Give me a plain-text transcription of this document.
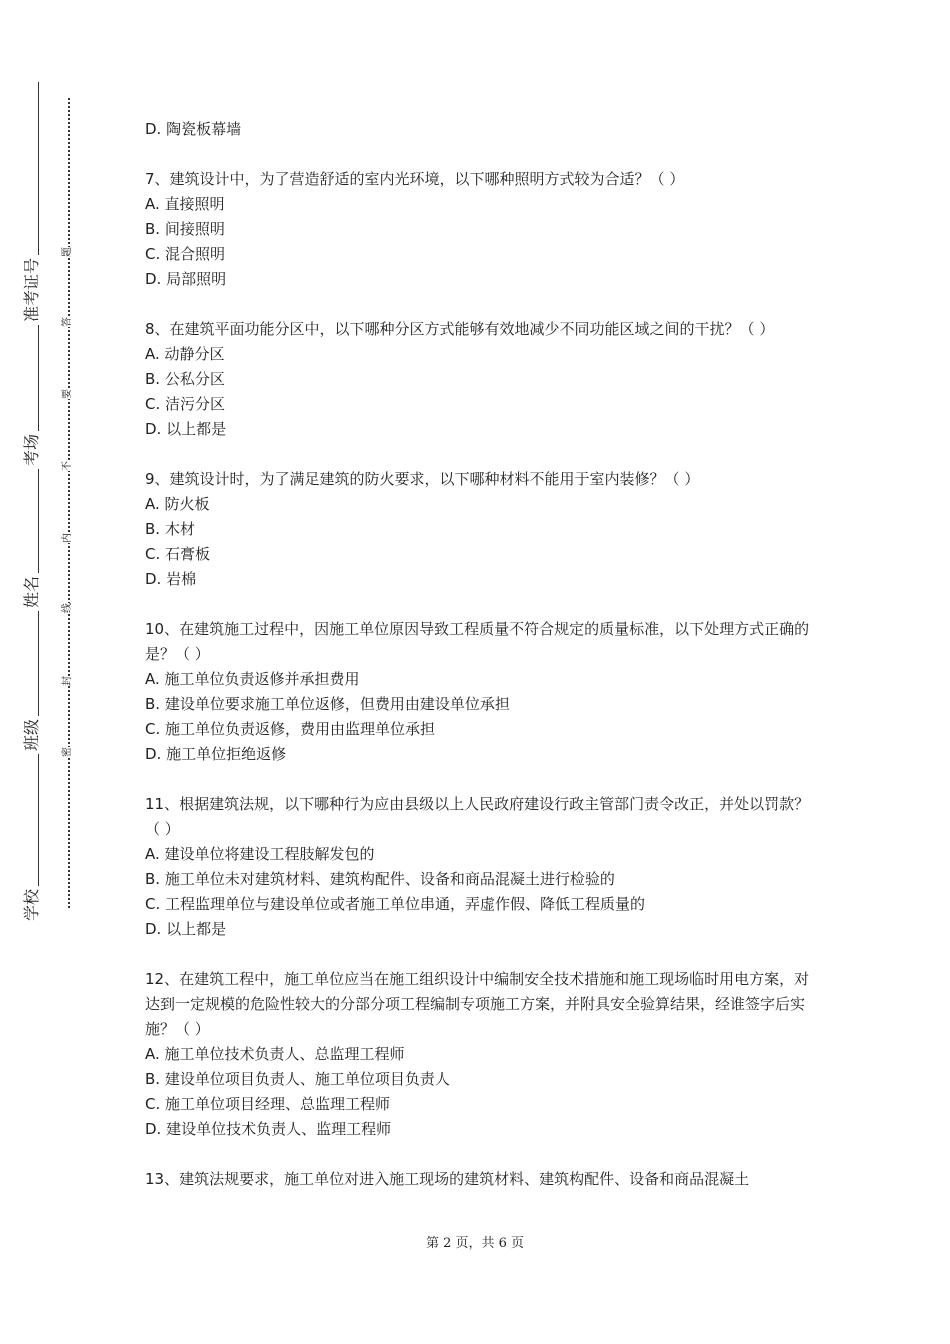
准考证号
考场
姓名
班级
学校
题
答
要
不
内
线
封
密

D. 陶瓷板幕墙

7、建筑设计中，为了营造舒适的室内光环境，以下哪种照明方式较为合适？（ ）

A. 直接照明

B. 间接照明

C. 混合照明

D. 局部照明

8、在建筑平面功能分区中，以下哪种分区方式能够有效地减少不同功能区域之间的干扰？（ ）

A. 动静分区

B. 公私分区

C. 洁污分区

D. 以上都是

9、建筑设计时，为了满足建筑的防火要求，以下哪种材料不能用于室内装修？（ ）

A. 防火板

B. 木材

C. 石膏板

D. 岩棉

10、在建筑施工过程中，因施工单位原因导致工程质量不符合规定的质量标准，以下处理方式正确的是？（ ）

A. 施工单位负责返修并承担费用

B. 建设单位要求施工单位返修，但费用由建设单位承担

C. 施工单位负责返修，费用由监理单位承担

D. 施工单位拒绝返修

11、根据建筑法规，以下哪种行为应由县级以上人民政府建设行政主管部门责令改正，并处以罚款？（ ）

A. 建设单位将建设工程肢解发包的

B. 施工单位未对建筑材料、建筑构配件、设备和商品混凝土进行检验的

C. 工程监理单位与建设单位或者施工单位串通，弄虚作假、降低工程质量的

D. 以上都是

12、在建筑工程中，施工单位应当在施工组织设计中编制安全技术措施和施工现场临时用电方案，对达到一定规模的危险性较大的分部分项工程编制专项施工方案，并附具安全验算结果，经谁签字后实施？（ ）

A. 施工单位技术负责人、总监理工程师

B. 建设单位项目负责人、施工单位项目负责人

C. 施工单位项目经理、总监理工程师

D. 建设单位技术负责人、监理工程师

13、建筑法规要求，施工单位对进入施工现场的建筑材料、建筑构配件、设备和商品混凝土

第 2 页，共 6 页
